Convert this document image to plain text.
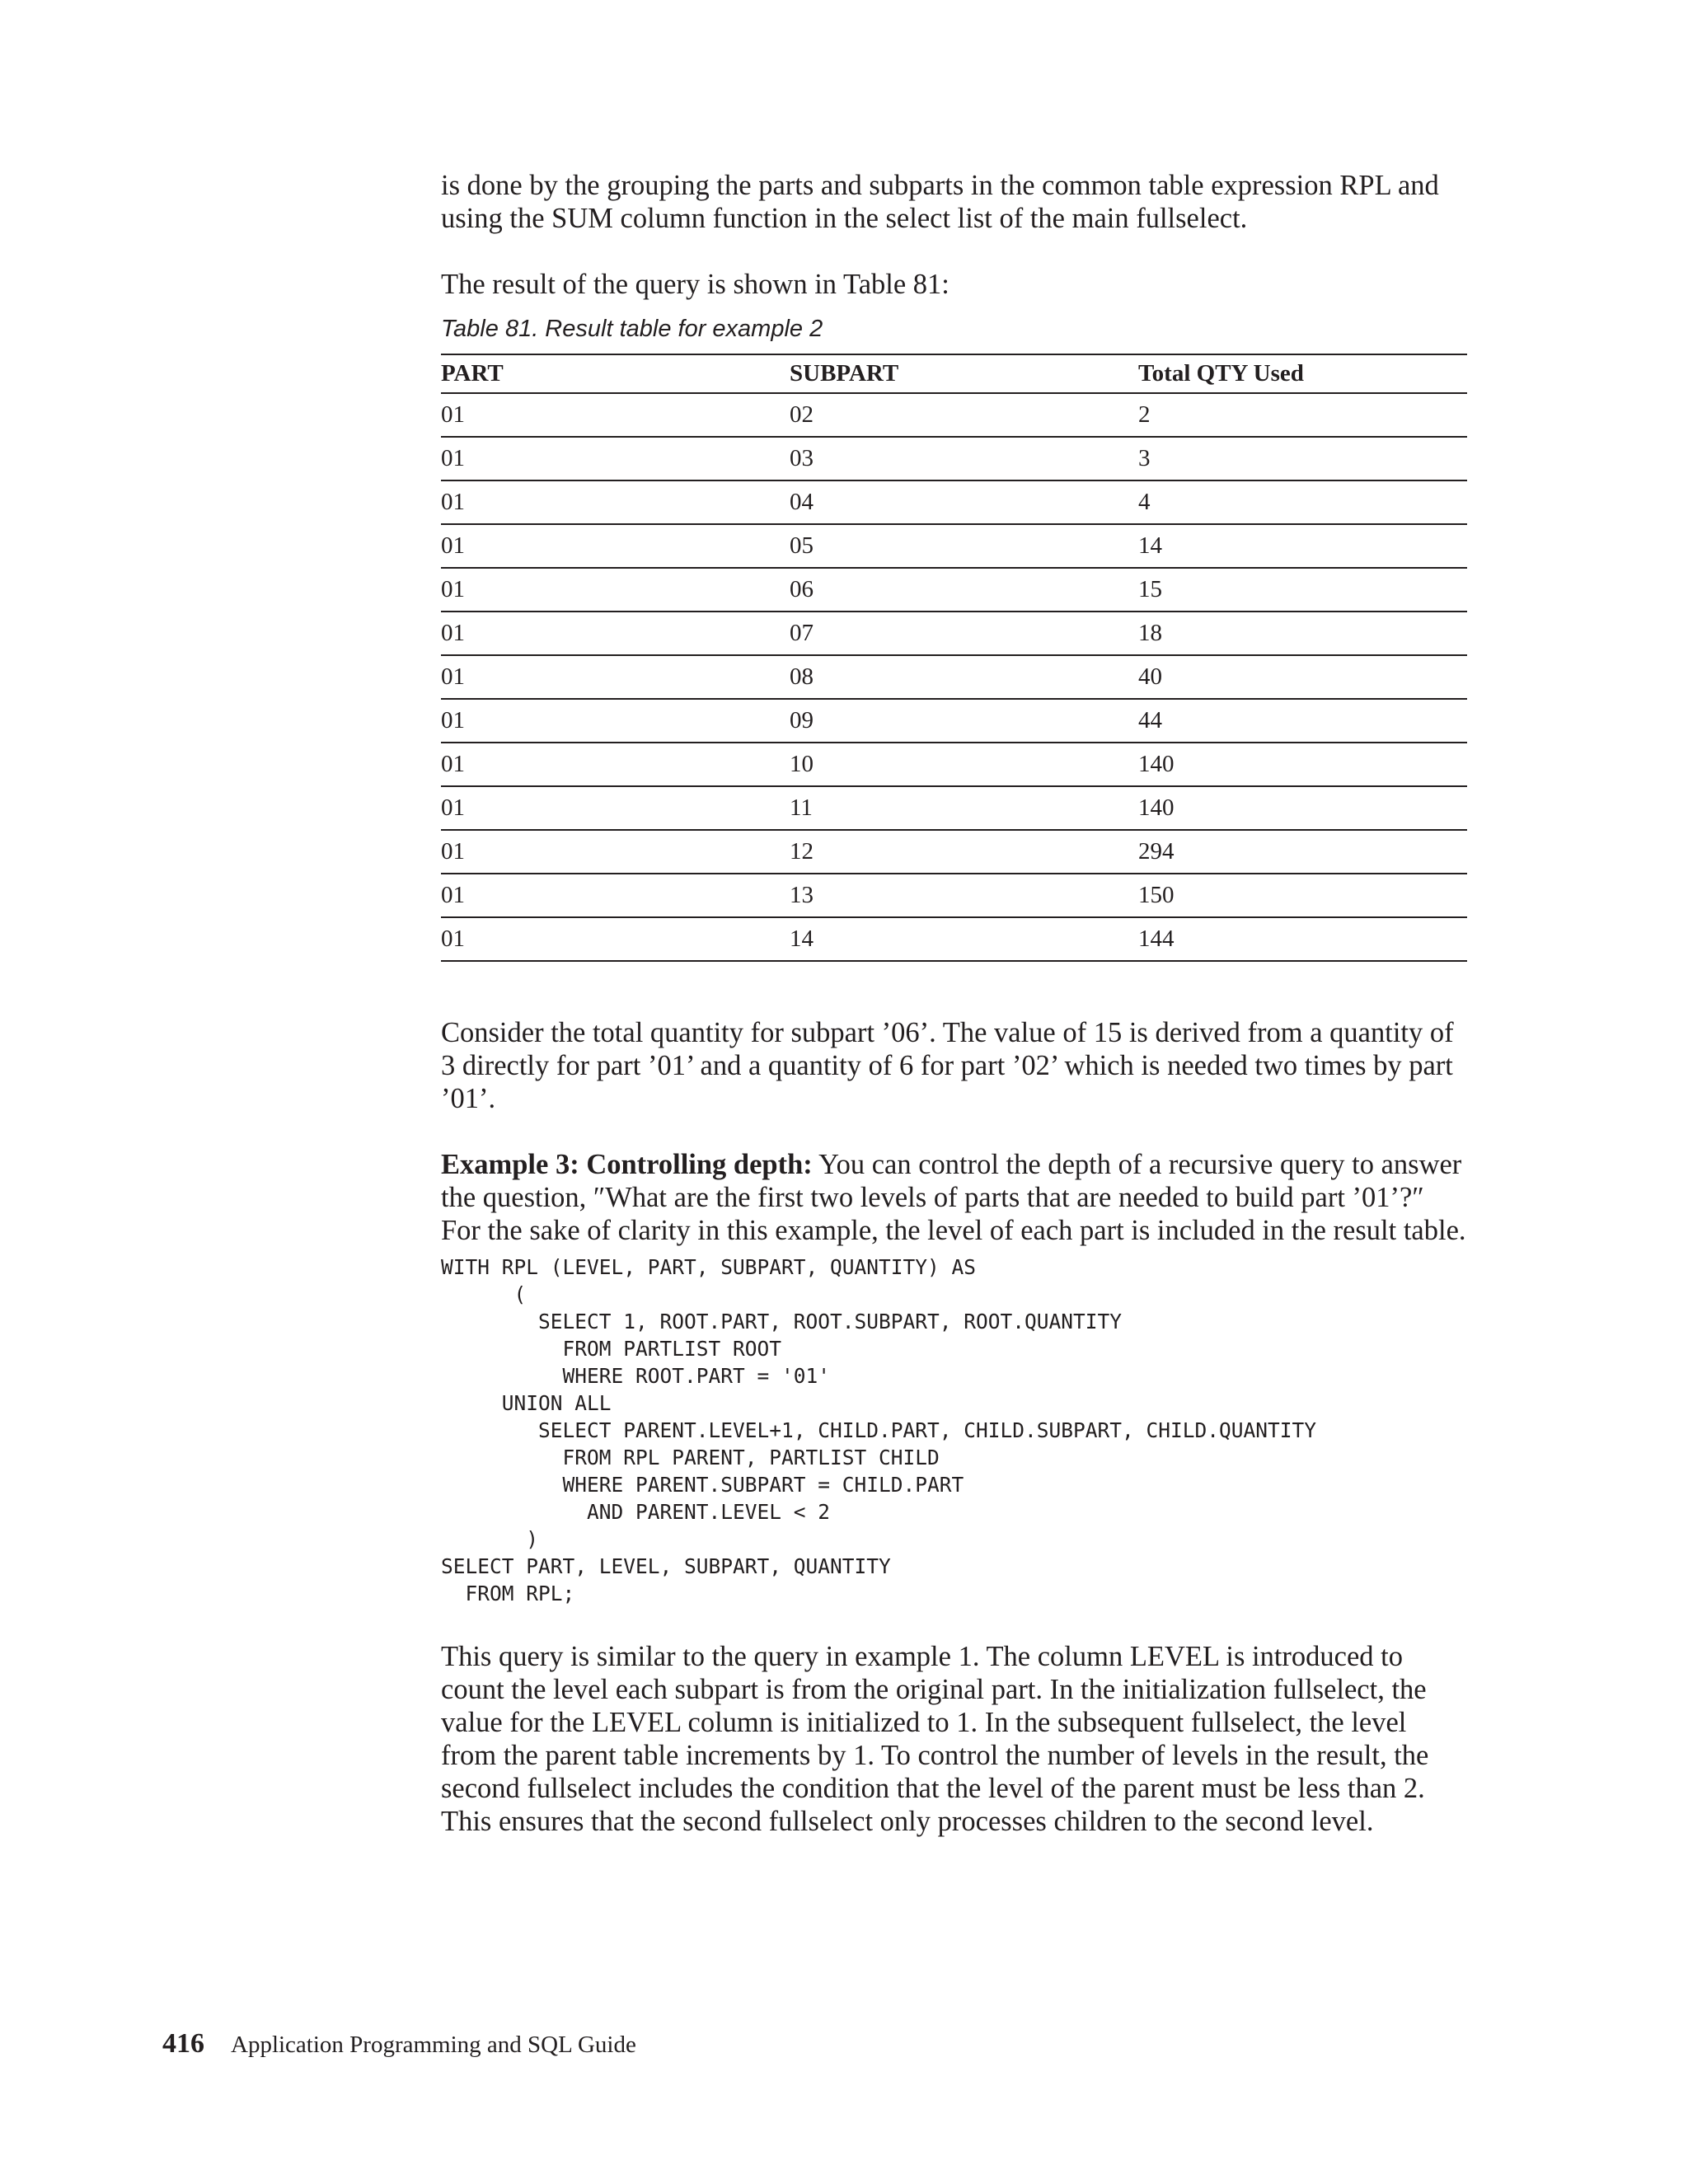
is done by the grouping the parts and subparts in the common table expression RPL and using the SUM column function in the select list of the main fullselect.

The result of the query is shown in Table 81:

Table 81. Result table for example 2
PART	SUBPART	Total QTY Used
01	02	2
01	03	3
01	04	4
01	05	14
01	06	15
01	07	18
01	08	40
01	09	44
01	10	140
01	11	140
01	12	294
01	13	150
01	14	144

Consider the total quantity for subpart ’06’. The value of 15 is derived from a quantity of 3 directly for part ’01’ and a quantity of 6 for part ’02’ which is needed two times by part ’01’.

Example 3: Controlling depth: You can control the depth of a recursive query to answer the question, ″What are the first two levels of parts that are needed to build part ’01’?″ For the sake of clarity in this example, the level of each part is included in the result table.

WITH RPL (LEVEL, PART, SUBPART, QUANTITY) AS
(
SELECT 1, ROOT.PART, ROOT.SUBPART, ROOT.QUANTITY
FROM PARTLIST ROOT
WHERE ROOT.PART = '01'
UNION ALL
SELECT PARENT.LEVEL+1, CHILD.PART, CHILD.SUBPART, CHILD.QUANTITY
FROM RPL PARENT, PARTLIST CHILD
WHERE PARENT.SUBPART = CHILD.PART
AND PARENT.LEVEL < 2
)
SELECT PART, LEVEL, SUBPART, QUANTITY
FROM RPL;

This query is similar to the query in example 1. The column LEVEL is introduced to count the level each subpart is from the original part. In the initialization fullselect, the value for the LEVEL column is initialized to 1. In the subsequent fullselect, the level from the parent table increments by 1. To control the number of levels in the result, the second fullselect includes the condition that the level of the parent must be less than 2. This ensures that the second fullselect only processes children to the second level.

416 Application Programming and SQL Guide
